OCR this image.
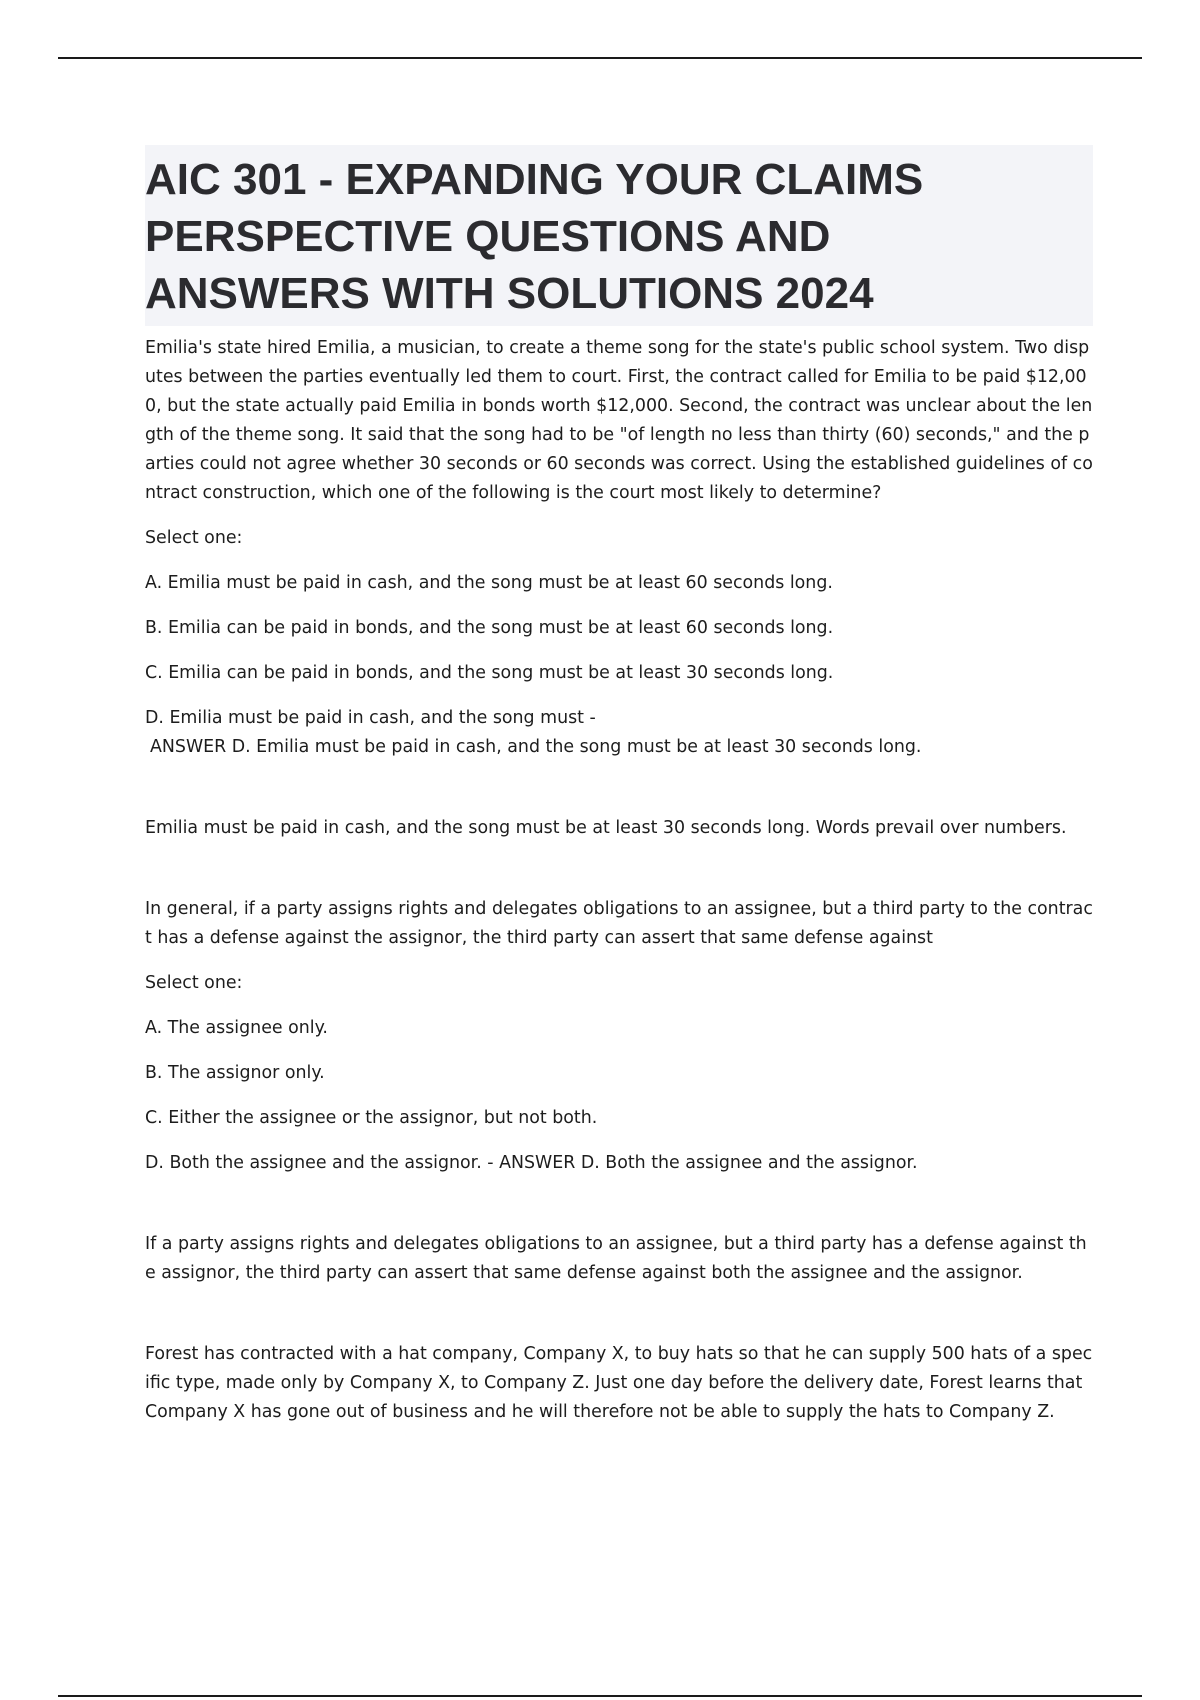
AIC 301 - EXPANDING YOUR CLAIMS
PERSPECTIVE QUESTIONS AND
ANSWERS WITH SOLUTIONS 2024

Emilia's state hired Emilia, a musician, to create a theme song for the state's public school system. Two disputes between the parties eventually led them to court. First, the contract called for Emilia to be paid $12,000, but the state actually paid Emilia in bonds worth $12,000. Second, the contract was unclear about the length of the theme song. It said that the song had to be "of length no less than thirty (60) seconds," and the parties could not agree whether 30 seconds or 60 seconds was correct. Using the established guidelines of contract construction, which one of the following is the court most likely to determine?

Select one:
A. Emilia must be paid in cash, and the song must be at least 60 seconds long.
B. Emilia can be paid in bonds, and the song must be at least 60 seconds long.
C. Emilia can be paid in bonds, and the song must be at least 30 seconds long.
D. Emilia must be paid in cash, and the song must -
ANSWER D. Emilia must be paid in cash, and the song must be at least 30 seconds long.

Emilia must be paid in cash, and the song must be at least 30 seconds long. Words prevail over numbers.

In general, if a party assigns rights and delegates obligations to an assignee, but a third party to the contract has a defense against the assignor, the third party can assert that same defense against

Select one:
A. The assignee only.
B. The assignor only.
C. Either the assignee or the assignor, but not both.
D. Both the assignee and the assignor. - ANSWER D. Both the assignee and the assignor.

If a party assigns rights and delegates obligations to an assignee, but a third party has a defense against the assignor, the third party can assert that same defense against both the assignee and the assignor.

Forest has contracted with a hat company, Company X, to buy hats so that he can supply 500 hats of a specific type, made only by Company X, to Company Z. Just one day before the delivery date, Forest learns that Company X has gone out of business and he will therefore not be able to supply the hats to Company Z.
